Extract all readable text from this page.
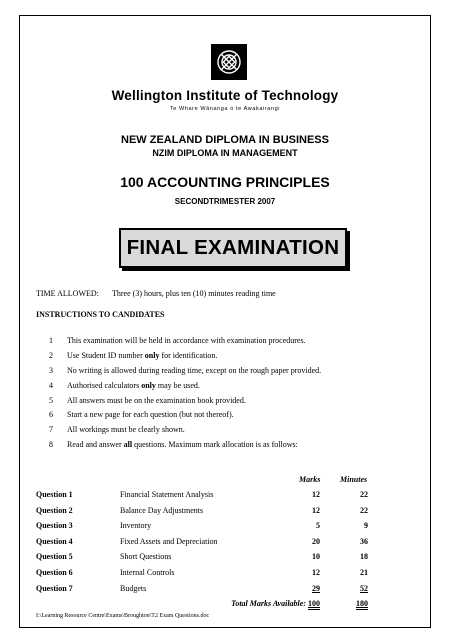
Wellington Institute of Technology
Te Whare Wānanga o te Awakairangi
NEW ZEALAND DIPLOMA IN BUSINESS
NZIM DIPLOMA IN MANAGEMENT
100 ACCOUNTING PRINCIPLES
SECONDTRIMESTER 2007
FINAL EXAMINATION
TIME ALLOWED: Three (3) hours, plus ten (10) minutes reading time
INSTRUCTIONS TO CANDIDATES
1 This examination will be held in accordance with examination procedures.
2 Use Student ID number only for identification.
3 No writing is allowed during reading time, except on the rough paper provided.
4 Authorised calculators only may be used.
5 All answers must be on the examination book provided.
6 Start a new page for each question (but not thereof).
7 All workings must be clearly shown.
8 Read and answer all questions. Maximum mark allocation is as follows:
Marks Minutes
Question 1	Financial Statement Analysis	12	22
Question 2	Balance Day Adjustments	12	22
Question 3	Inventory	5	9
Question 4	Fixed Assets and Depreciation	20	36
Question 5	Short Questions	10	18
Question 6	Internal Controls	12	21
Question 7	Budgets	29	52
Total Marks Available: 100	180
I:\Learning Resource Centre\Exams\Broughton\T2 Exam Questions.doc
